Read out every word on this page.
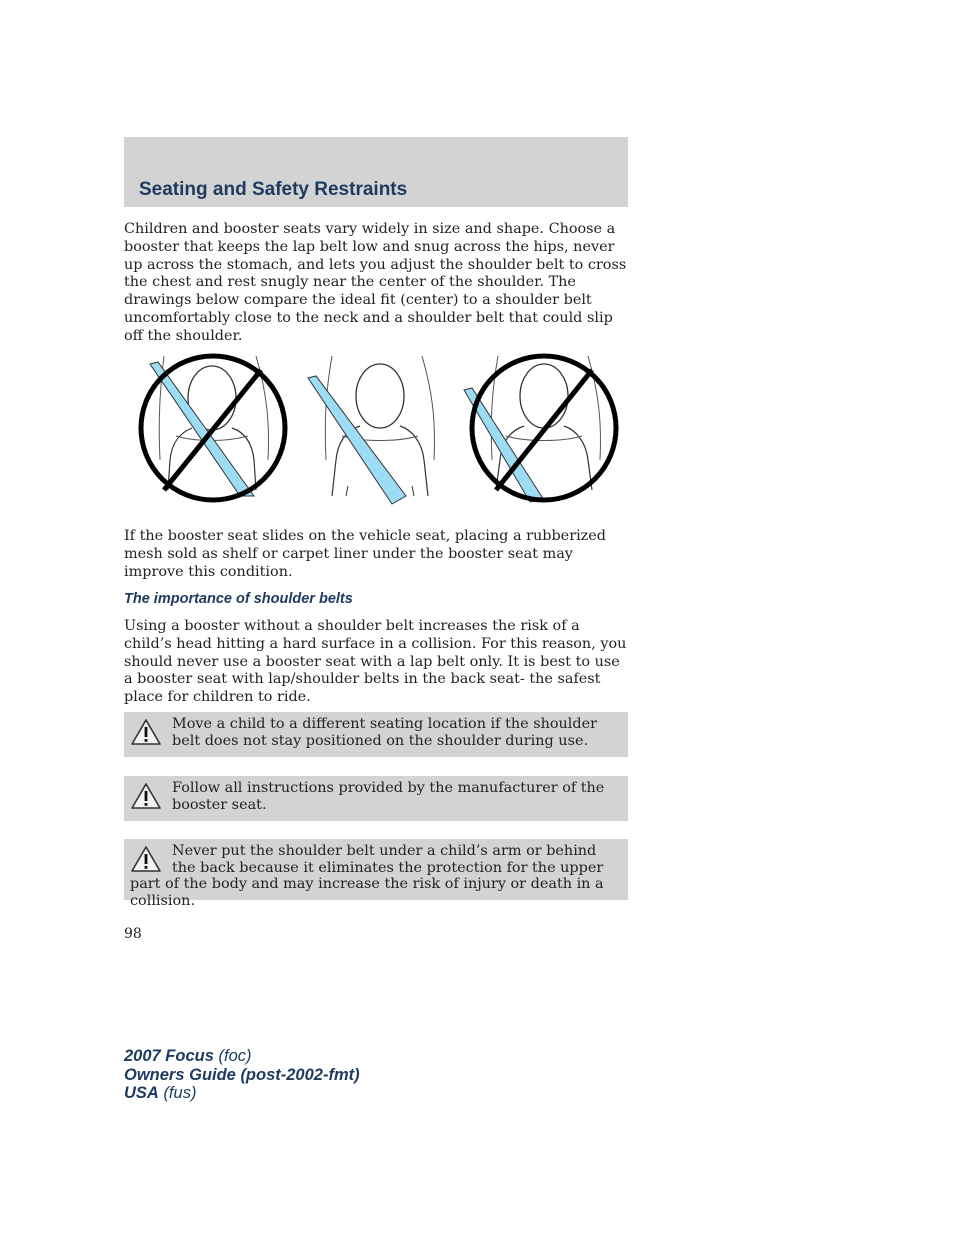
Seating and Safety Restraints

Children and booster seats vary widely in size and shape. Choose a booster that keeps the lap belt low and snug across the hips, never up across the stomach, and lets you adjust the shoulder belt to cross the chest and rest snugly near the center of the shoulder. The drawings below compare the ideal fit (center) to a shoulder belt uncomfortably close to the neck and a shoulder belt that could slip off the shoulder.

If the booster seat slides on the vehicle seat, placing a rubberized mesh sold as shelf or carpet liner under the booster seat may improve this condition.

The importance of shoulder belts

Using a booster without a shoulder belt increases the risk of a child’s head hitting a hard surface in a collision. For this reason, you should never use a booster seat with a lap belt only. It is best to use a booster seat with lap/shoulder belts in the back seat- the safest place for children to ride.

Move a child to a different seating location if the shoulder belt does not stay positioned on the shoulder during use.
Follow all instructions provided by the manufacturer of the booster seat.
Never put the shoulder belt under a child’s arm or behind the back because it eliminates the protection for the upper part of the body and may increase the risk of injury or death in a collision.
98
2007 Focus (foc)
Owners Guide (post-2002-fmt)
USA (fus)
